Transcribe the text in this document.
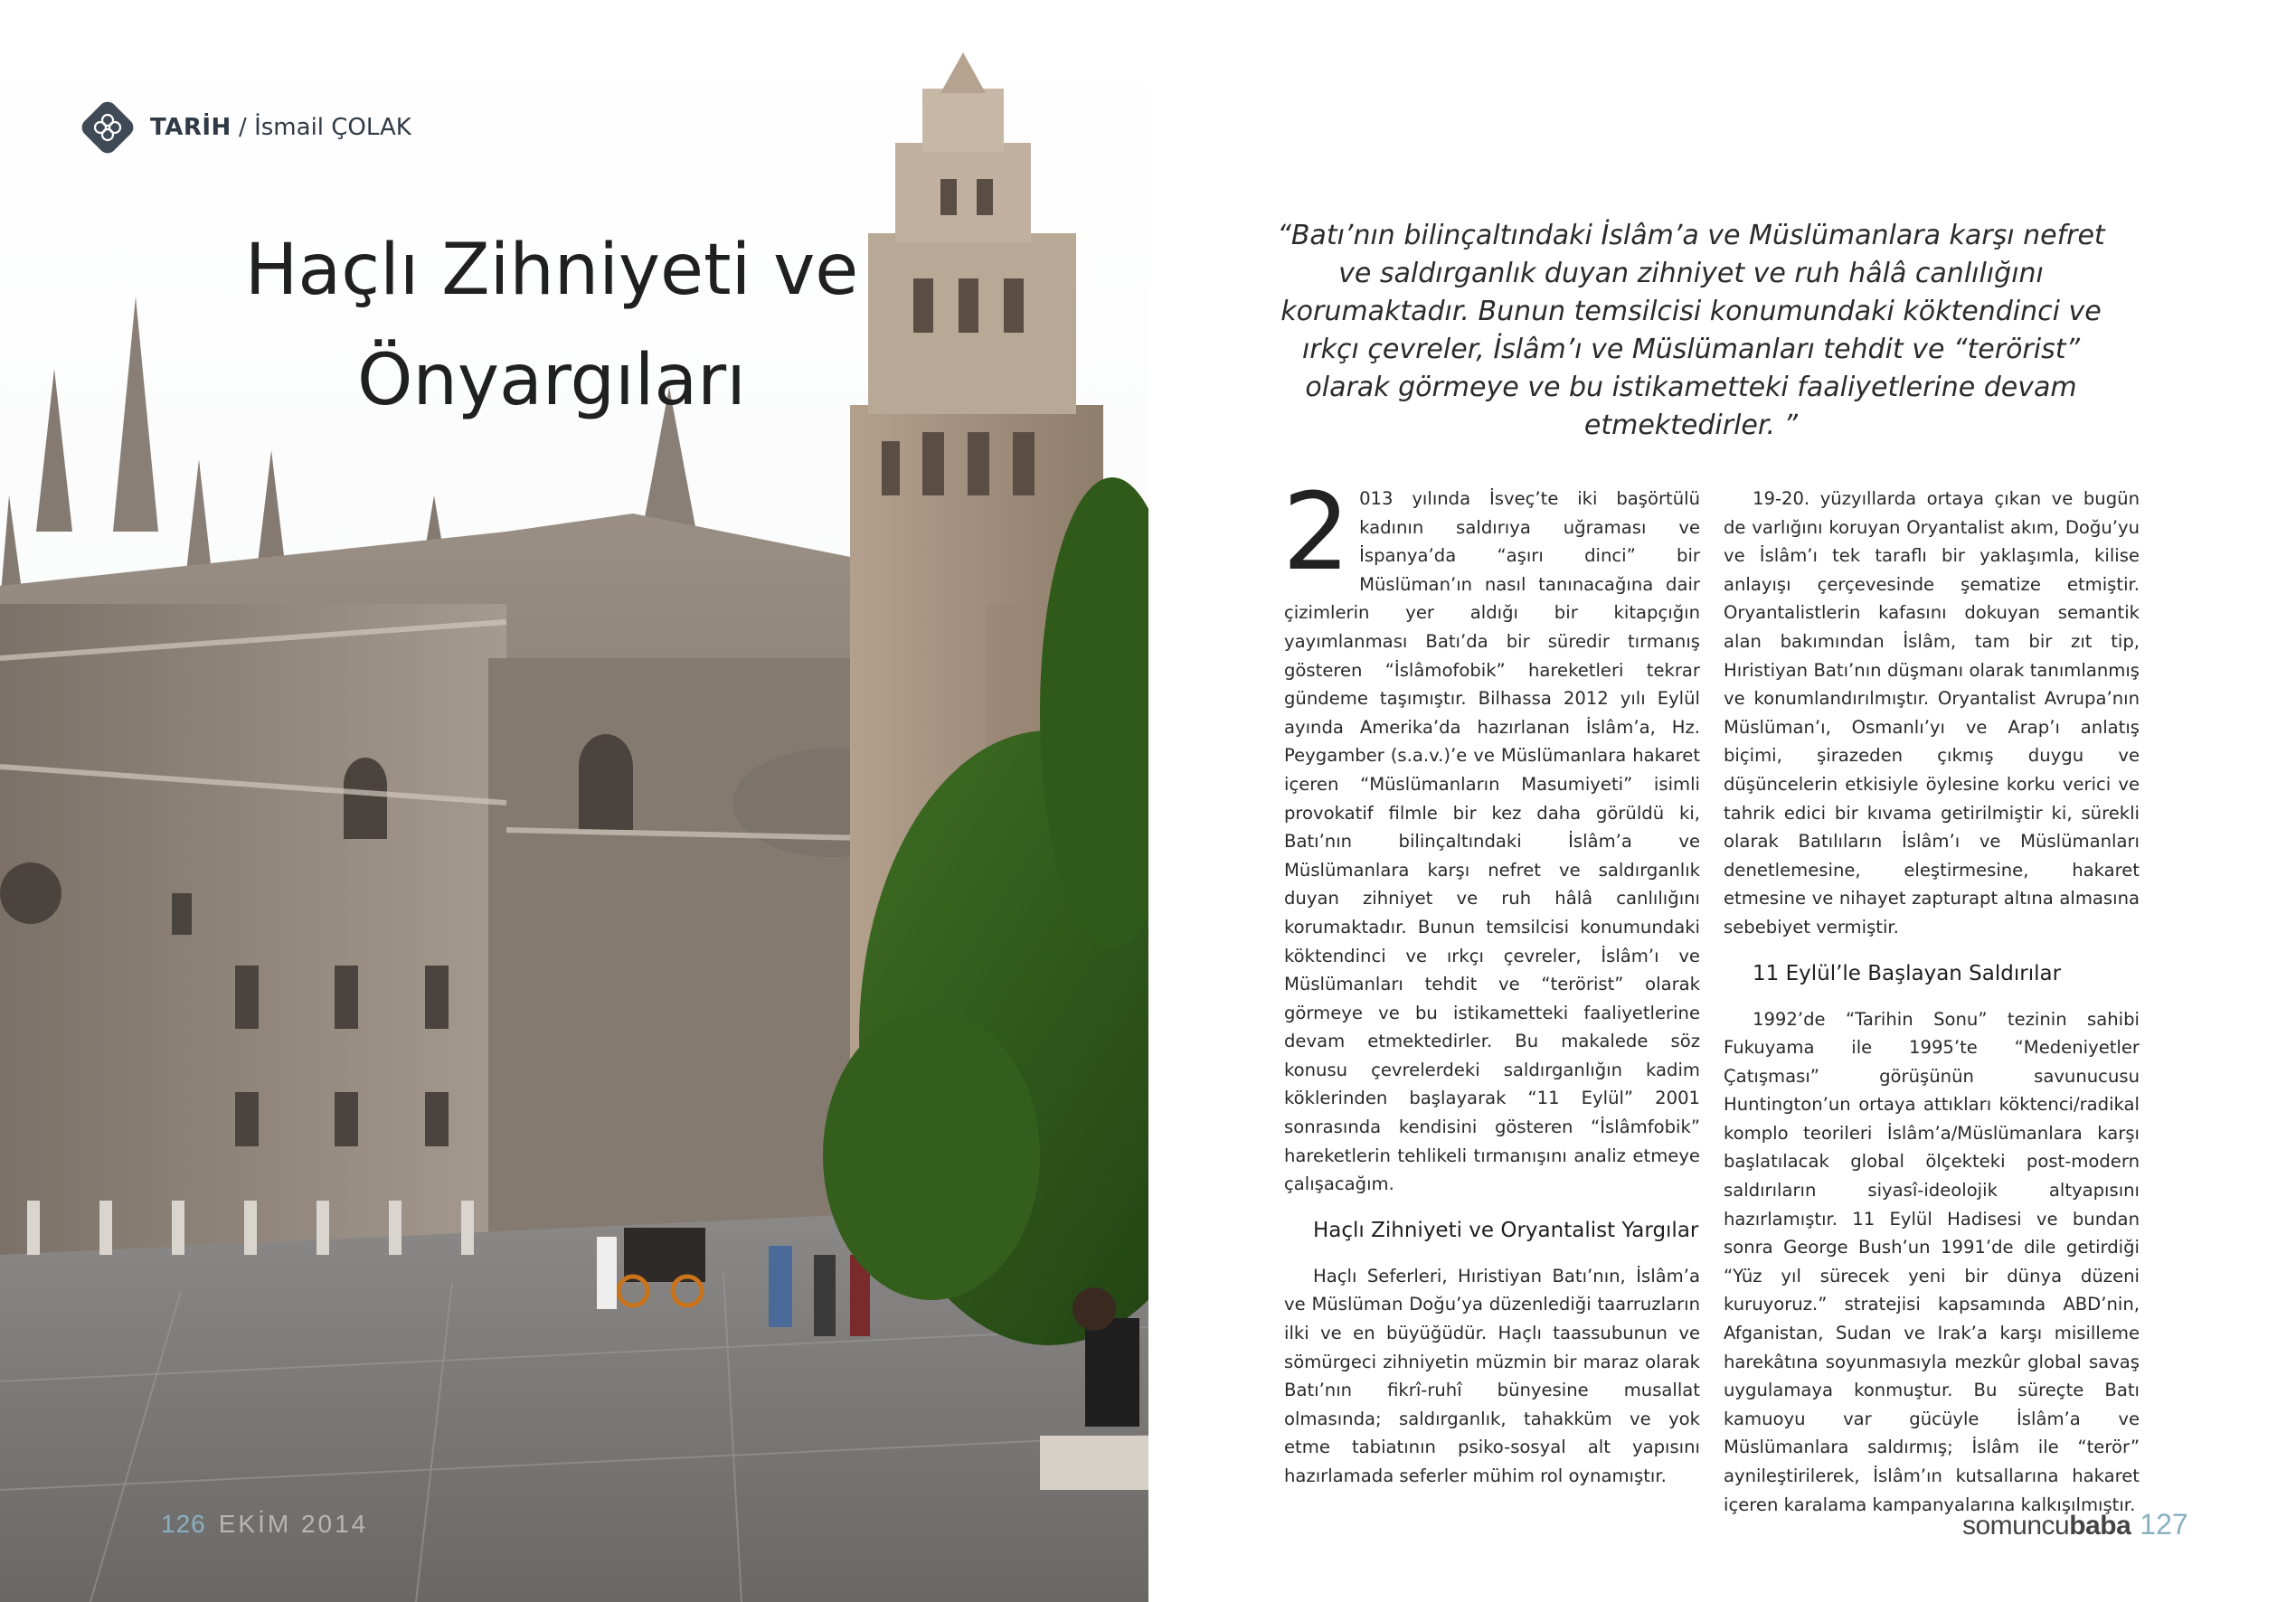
TARİH / İsmail ÇOLAK
Haçlı Zihniyeti ve
Önyargıları
126 EKİM 2014

“Batı’nın bilinçaltındaki İslâm’a ve Müslümanlara karşı nefret ve saldırganlık duyan zihniyet ve ruh hâlâ canlılığını korumaktadır. Bunun temsilcisi konumundaki köktendinci ve ırkçı çevreler, İslâm’ı ve Müslümanları tehdit ve “terörist” olarak görmeye ve bu istikametteki faaliyetlerine devam etmektedirler. ”

2 013 yılında İsveç’te iki başörtülü kadının saldırıya uğraması ve İspanya’da “aşırı dinci” bir Müslüman’ın nasıl tanınacağına dair çizimlerin yer aldığı bir kitapçığın yayımlanması Batı’da bir süredir tırmanış gösteren “İslâmofobik” hareketleri tekrar gündeme taşımıştır. Bilhassa 2012 yılı Eylül ayında Amerika’da hazırlanan İslâm’a, Hz. Peygamber (s.a.v.)’e ve Müslümanlara hakaret içeren “Müslümanların Masumiyeti” isimli provokatif filmle bir kez daha görüldü ki, Batı’nın bilinçaltındaki İslâm’a ve Müslümanlara karşı nefret ve saldırganlık duyan zihniyet ve ruh hâlâ canlılığını korumaktadır. Bunun temsilcisi konumundaki köktendinci ve ırkçı çevreler, İslâm’ı ve Müslümanları tehdit ve “terörist” olarak görmeye ve bu istikametteki faaliyetlerine devam etmektedirler. Bu makalede söz konusu çevrelerdeki saldırganlığın kadim köklerinden başlayarak “11 Eylül” 2001 sonrasında kendisini gösteren “İslâmfobik” hareketlerin tehlikeli tırmanışını analiz etmeye çalışacağım.

Haçlı Zihniyeti ve Oryantalist Yargılar

Haçlı Seferleri, Hıristiyan Batı’nın, İslâm’a ve Müslüman Doğu’ya düzenlediği taarruzların ilki ve en büyüğüdür. Haçlı taassubunun ve sömürgeci zihniyetin müzmin bir maraz olarak Batı’nın fikrî-ruhî bünyesine musallat olmasında; saldırganlık, tahakküm ve yok etme tabiatının psiko-sosyal alt yapısını hazırlamada seferler mühim rol oynamıştır.

19-20. yüzyıllarda ortaya çıkan ve bugün de varlığını koruyan Oryantalist akım, Doğu’yu ve İslâm’ı tek taraflı bir yaklaşımla, kilise anlayışı çerçevesinde şematize etmiştir. Oryantalistlerin kafasını dokuyan semantik alan bakımından İslâm, tam bir zıt tip, Hıristiyan Batı’nın düşmanı olarak tanımlanmış ve konumlandırılmıştır. Oryantalist Avrupa’nın Müslüman’ı, Osmanlı’yı ve Arap’ı anlatış biçimi, şirazeden çıkmış duygu ve düşüncelerin etkisiyle öylesine korku verici ve tahrik edici bir kıvama getirilmiştir ki, sürekli olarak Batılıların İslâm’ı ve Müslümanları denetlemesine, eleştirmesine, hakaret etmesine ve nihayet zapturapt altına almasına sebebiyet vermiştir.

11 Eylül’le Başlayan Saldırılar

1992’de “Tarihin Sonu” tezinin sahibi Fukuyama ile 1995’te “Medeniyetler Çatışması” görüşünün savunucusu Huntington’un ortaya attıkları köktenci/radikal komplo teorileri İslâm’a/Müslümanlara karşı başlatılacak global ölçekteki post-modern saldırıların siyasî-ideolojik altyapısını hazırlamıştır. 11 Eylül Hadisesi ve bundan sonra George Bush’un 1991’de dile getirdiği “Yüz yıl sürecek yeni bir dünya düzeni kuruyoruz.” stratejisi kapsamında ABD’nin, Afganistan, Sudan ve Irak’a karşı misilleme harekâtına soyunmasıyla mezkûr global savaş uygulamaya konmuştur. Bu süreçte Batı kamuoyu var gücüyle İslâm’a ve Müslümanlara saldırmış; İslâm ile “terör” aynileştirilerek, İslâm’ın kutsallarına hakaret içeren karalama kampanyalarına kalkışılmıştır.

somuncubaba 127
